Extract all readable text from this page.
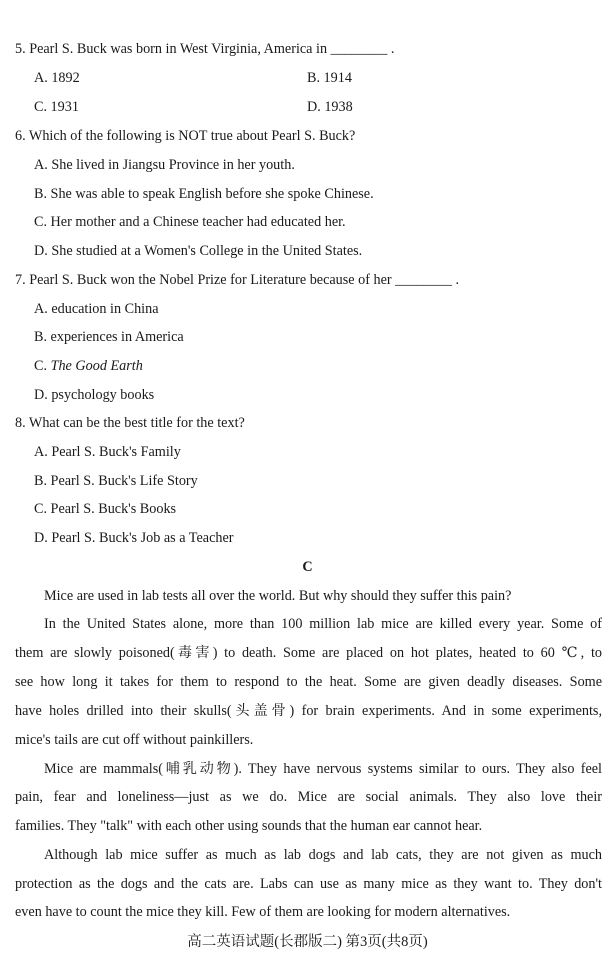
5. Pearl S. Buck was born in West Virginia, America in ________ .
A. 1892	B. 1914
C. 1931	D. 1938
6. Which of the following is NOT true about Pearl S. Buck?
A. She lived in Jiangsu Province in her youth.
B. She was able to speak English before she spoke Chinese.
C. Her mother and a Chinese teacher had educated her.
D. She studied at a Women's College in the United States.
7. Pearl S. Buck won the Nobel Prize for Literature because of her ________ .
A. education in China
B. experiences in America
C. The Good Earth
D. psychology books
8. What can be the best title for the text?
A. Pearl S. Buck's Family
B. Pearl S. Buck's Life Story
C. Pearl S. Buck's Books
D. Pearl S. Buck's Job as a Teacher
C
Mice are used in lab tests all over the world. But why should they suffer this pain?
In the United States alone, more than 100 million lab mice are killed every year. Some of
them are slowly poisoned(毒害) to death. Some are placed on hot plates, heated to 60 ℃, to
see how long it takes for them to respond to the heat. Some are given deadly diseases. Some
have holes drilled into their skulls(头盖骨) for brain experiments. And in some experiments,
mice's tails are cut off without painkillers.
Mice are mammals(哺乳动物). They have nervous systems similar to ours. They also feel
pain, fear and loneliness—just as we do. Mice are social animals. They also love their
families. They "talk" with each other using sounds that the human ear cannot hear.
Although lab mice suffer as much as lab dogs and lab cats, they are not given as much
protection as the dogs and the cats are. Labs can use as many mice as they want to. They don't
even have to count the mice they kill. Few of them are looking for modern alternatives.
高二英语试题(长郡版二) 第3页(共8页)
